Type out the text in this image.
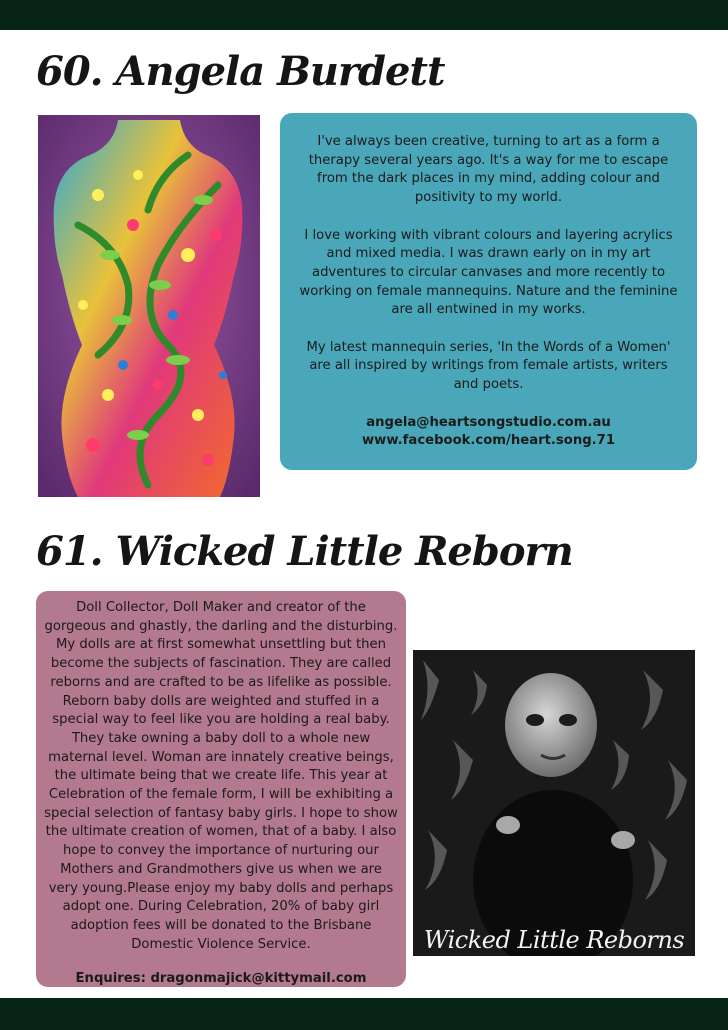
60. Angela Burdett

I've always been creative, turning to art as a form a therapy several years ago. It's a way for me to escape from the dark places in my mind, adding colour and positivity to my world.

I love working with vibrant colours and layering acrylics and mixed media. I was drawn early on in my art adventures to circular canvases and more recently to working on female mannequins. Nature and the feminine are all entwined in my works.

My latest mannequin series, 'In the Words of a Women' are all inspired by writings from female artists, writers and poets.

angela@heartsongstudio.com.au
www.facebook.com/heart.song.71
61. Wicked Little Reborn

Doll Collector, Doll Maker and creator of the gorgeous and ghastly, the darling and the disturbing. My dolls are at first somewhat unsettling but then become the subjects of fascination. They are called reborns and are crafted to be as lifelike as possible. Reborn baby dolls are weighted and stuffed in a special way to feel like you are holding a real baby. They take owning a baby doll to a whole new maternal level. Woman are innately creative beings, the ultimate being that we create life. This year at Celebration of the female form, I will be exhibiting a special selection of fantasy baby girls. I hope to show the ultimate creation of women, that of a baby. I also hope to convey the importance of nurturing our Mothers and Grandmothers give us when we are very young.Please enjoy my baby dolls and perhaps adopt one. During Celebration, 20% of baby girl adoption fees will be donated to the Brisbane Domestic Violence Service.

Enquires: dragonmajick@kittymail.com

Wicked Little Reborns
